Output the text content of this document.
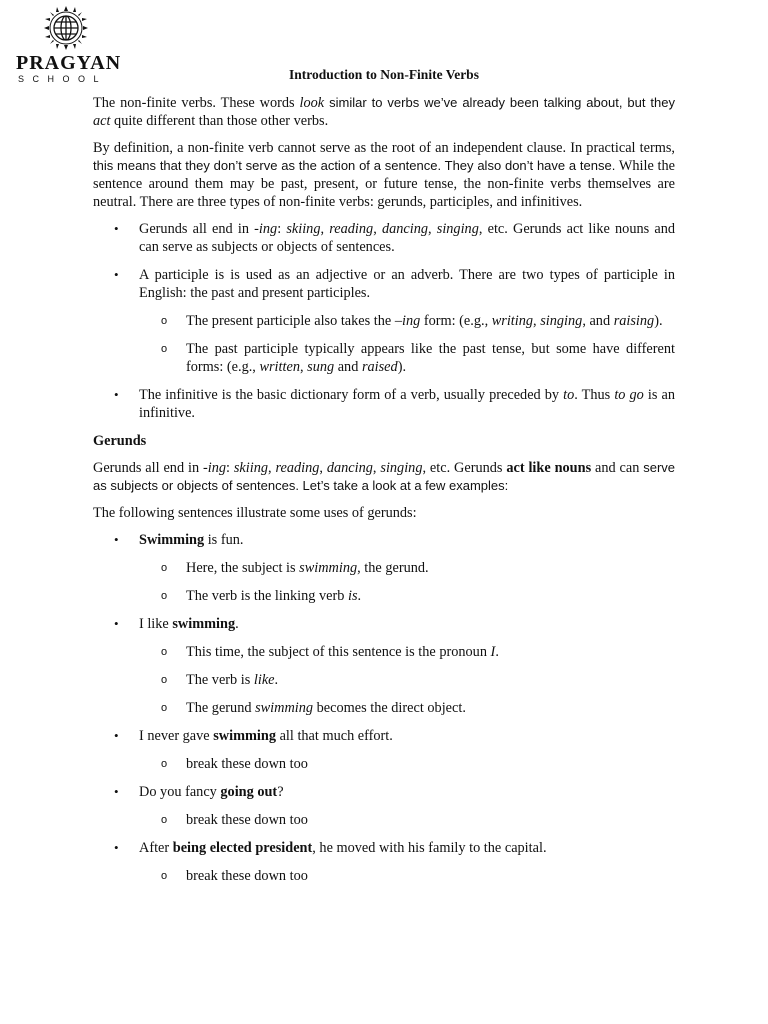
PRAGYAN
SCHOOL	Introduction to Non-Finite Verbs

The non-finite verbs. These words look similar to verbs we’ve already been talking about, but they act quite different than those other verbs.

By definition, a non-finite verb cannot serve as the root of an independent clause. In practical terms, this means that they don’t serve as the action of a sentence. They also don’t have a tense. While the sentence around them may be past, present, or future tense, the non-finite verbs themselves are neutral. There are three types of non-finite verbs: gerunds, participles, and infinitives.

• Gerunds all end in -ing: skiing, reading, dancing, singing, etc. Gerunds act like nouns and can serve as subjects or objects of sentences.
• A participle is is used as an adjective or an adverb. There are two types of participle in English: the past and present participles.
o The present participle also takes the –ing form: (e.g., writing, singing, and raising).
o The past participle typically appears like the past tense, but some have different forms: (e.g., written, sung and raised).
• The infinitive is the basic dictionary form of a verb, usually preceded by to. Thus to go is an infinitive.
Gerunds

Gerunds all end in -ing: skiing, reading, dancing, singing, etc. Gerunds act like nouns and can serve as subjects or objects of sentences. Let’s take a look at a few examples:

The following sentences illustrate some uses of gerunds:

• Swimming is fun.
o Here, the subject is swimming, the gerund.
o The verb is the linking verb is.
• I like swimming.
o This time, the subject of this sentence is the pronoun I.
o The verb is like.
o The gerund swimming becomes the direct object.
• I never gave swimming all that much effort.
o break these down too
• Do you fancy going out?
o break these down too
• After being elected president, he moved with his family to the capital.
o break these down too
